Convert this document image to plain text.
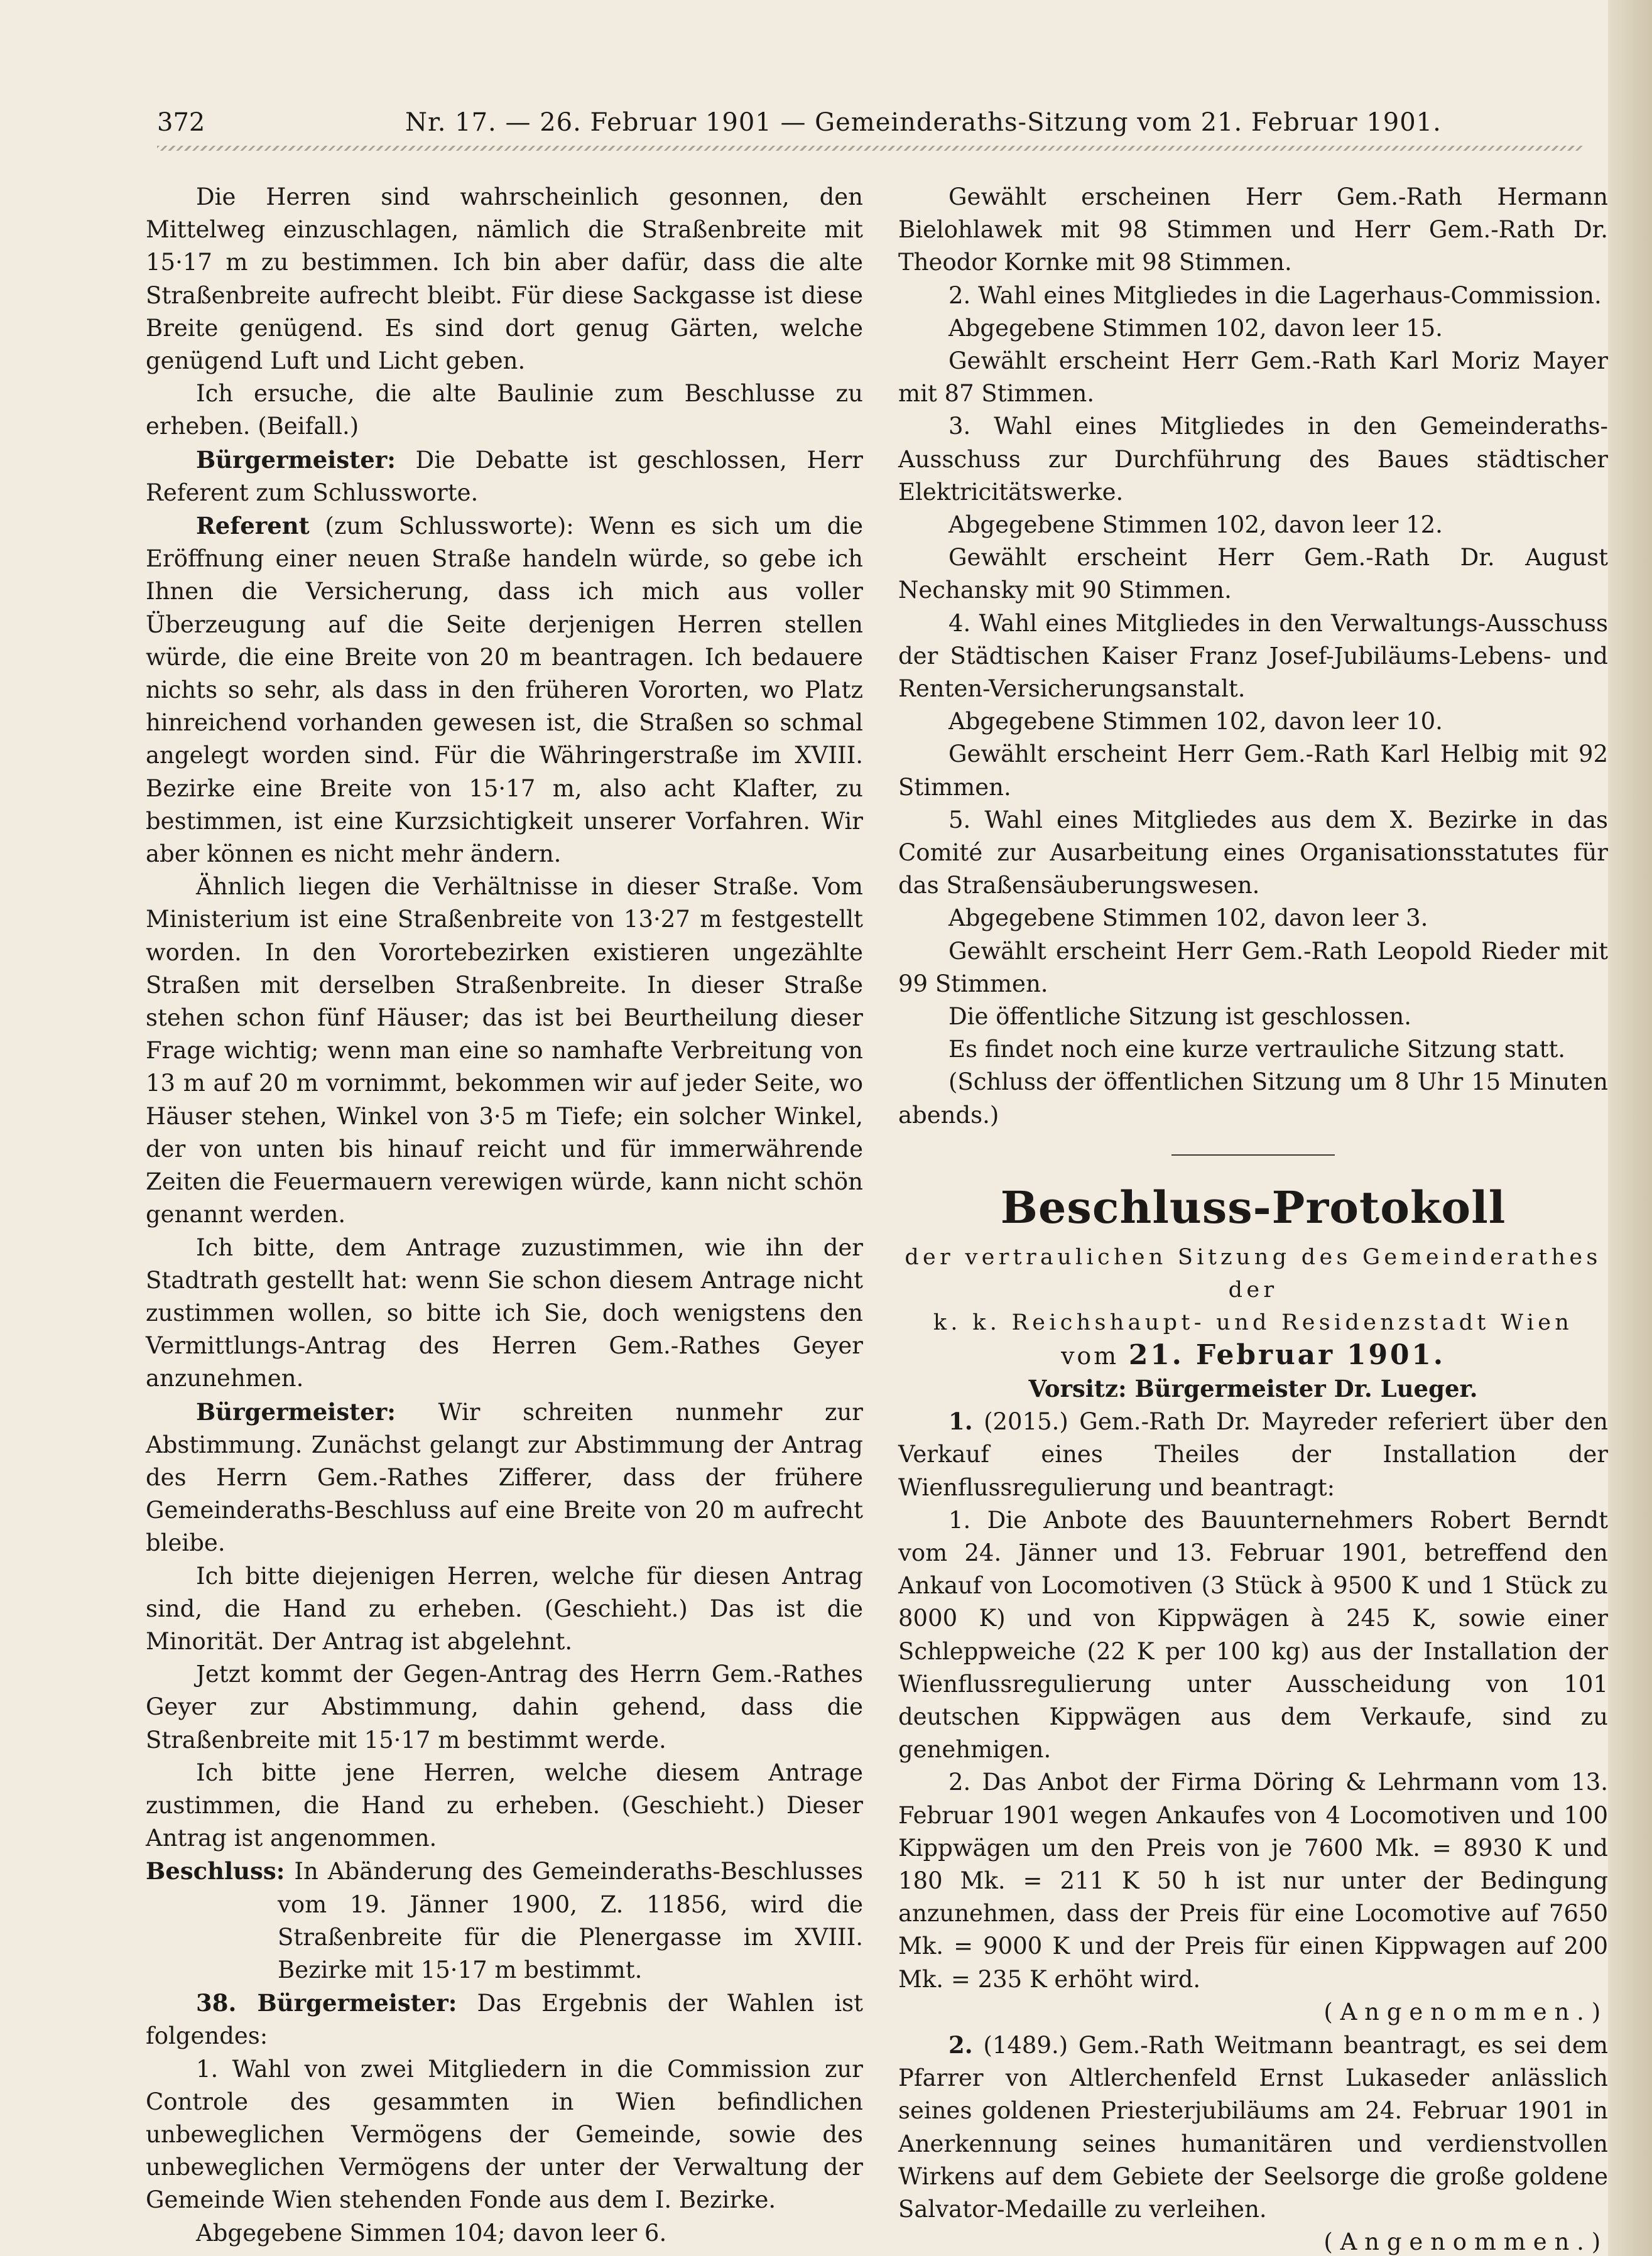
372	Nr. 17. — 26. Februar 1901 — Gemeinderaths-Sitzung vom 21. Februar 1901.

Die Herren sind wahrscheinlich gesonnen, den Mittelweg einzuschlagen, nämlich die Straßenbreite mit 15·17 m zu bestimmen. Ich bin aber dafür, dass die alte Straßenbreite aufrecht bleibt. Für diese Sackgasse ist diese Breite genügend. Es sind dort genug Gärten, welche genügend Luft und Licht geben.

Ich ersuche, die alte Baulinie zum Beschlusse zu erheben. (Beifall.)

Bürgermeister: Die Debatte ist geschlossen, Herr Referent zum Schlussworte.

Referent (zum Schlussworte): Wenn es sich um die Eröffnung einer neuen Straße handeln würde, so gebe ich Ihnen die Versicherung, dass ich mich aus voller Überzeugung auf die Seite derjenigen Herren stellen würde, die eine Breite von 20 m beantragen. Ich bedauere nichts so sehr, als dass in den früheren Vororten, wo Platz hinreichend vorhanden gewesen ist, die Straßen so schmal angelegt worden sind. Für die Währingerstraße im XVIII. Bezirke eine Breite von 15·17 m, also acht Klafter, zu bestimmen, ist eine Kurzsichtigkeit unserer Vorfahren. Wir aber können es nicht mehr ändern.

Ähnlich liegen die Verhältnisse in dieser Straße. Vom Ministerium ist eine Straßenbreite von 13·27 m festgestellt worden. In den Vorortebezirken existieren ungezählte Straßen mit derselben Straßenbreite. In dieser Straße stehen schon fünf Häuser; das ist bei Beurtheilung dieser Frage wichtig; wenn man eine so namhafte Verbreitung von 13 m auf 20 m vornimmt, bekommen wir auf jeder Seite, wo Häuser stehen, Winkel von 3·5 m Tiefe; ein solcher Winkel, der von unten bis hinauf reicht und für immerwährende Zeiten die Feuermauern verewigen würde, kann nicht schön genannt werden.

Ich bitte, dem Antrage zuzustimmen, wie ihn der Stadtrath gestellt hat: wenn Sie schon diesem Antrage nicht zustimmen wollen, so bitte ich Sie, doch wenigstens den Vermittlungs-Antrag des Herren Gem.-Rathes Geyer anzunehmen.

Bürgermeister: Wir schreiten nunmehr zur Abstimmung. Zunächst gelangt zur Abstimmung der Antrag des Herrn Gem.-Rathes Zifferer, dass der frühere Gemeinderaths-Beschluss auf eine Breite von 20 m aufrecht bleibe.

Ich bitte diejenigen Herren, welche für diesen Antrag sind, die Hand zu erheben. (Geschieht.) Das ist die Minorität. Der Antrag ist abgelehnt.

Jetzt kommt der Gegen-Antrag des Herrn Gem.-Rathes Geyer zur Abstimmung, dahin gehend, dass die Straßenbreite mit 15·17 m bestimmt werde.

Ich bitte jene Herren, welche diesem Antrage zustimmen, die Hand zu erheben. (Geschieht.) Dieser Antrag ist angenommen.

Beschluss: In Abänderung des Gemeinderaths-Beschlusses vom 19. Jänner 1900, Z. 11856, wird die Straßenbreite für die Plenergasse im XVIII. Bezirke mit 15·17 m bestimmt.

38. Bürgermeister: Das Ergebnis der Wahlen ist folgendes:

1. Wahl von zwei Mitgliedern in die Commission zur Controle des gesammten in Wien befindlichen unbeweglichen Vermögens der Gemeinde, sowie des unbeweglichen Vermögens der unter der Verwaltung der Gemeinde Wien stehenden Fonde aus dem I. Bezirke.

Abgegebene Simmen 104; davon leer 6.

Gewählt erscheinen Herr Gem.-Rath Hermann Bielohlawek mit 98 Stimmen und Herr Gem.-Rath Dr. Theodor Kornke mit 98 Stimmen.

2. Wahl eines Mitgliedes in die Lagerhaus-Commission.

Abgegebene Stimmen 102, davon leer 15.

Gewählt erscheint Herr Gem.-Rath Karl Moriz Mayer mit 87 Stimmen.

3. Wahl eines Mitgliedes in den Gemeinderaths-Ausschuss zur Durchführung des Baues städtischer Elektricitätswerke.

Abgegebene Stimmen 102, davon leer 12.

Gewählt erscheint Herr Gem.-Rath Dr. August Nechansky mit 90 Stimmen.

4. Wahl eines Mitgliedes in den Verwaltungs-Ausschuss der Städtischen Kaiser Franz Josef-Jubiläums-Lebens- und Renten-Versicherungsanstalt.

Abgegebene Stimmen 102, davon leer 10.

Gewählt erscheint Herr Gem.-Rath Karl Helbig mit 92 Stimmen.

5. Wahl eines Mitgliedes aus dem X. Bezirke in das Comité zur Ausarbeitung eines Organisationsstatutes für das Straßensäuberungswesen.

Abgegebene Stimmen 102, davon leer 3.

Gewählt erscheint Herr Gem.-Rath Leopold Rieder mit 99 Stimmen.

Die öffentliche Sitzung ist geschlossen.

Es findet noch eine kurze vertrauliche Sitzung statt.

(Schluss der öffentlichen Sitzung um 8 Uhr 15 Minuten abends.)

Beschluss-Protokoll

der vertraulichen Sitzung des Gemeinderathes der

k. k. Reichshaupt- und Residenzstadt Wien

vom 21. Februar 1901.

Vorsitz: Bürgermeister Dr. Lueger.

1. (2015.) Gem.-Rath Dr. Mayreder referiert über den Verkauf eines Theiles der Installation der Wienflussregulierung und beantragt:

1. Die Anbote des Bauunternehmers Robert Berndt vom 24. Jänner und 13. Februar 1901, betreffend den Ankauf von Locomotiven (3 Stück à 9500 K und 1 Stück zu 8000 K) und von Kippwägen à 245 K, sowie einer Schleppweiche (22 K per 100 kg) aus der Installation der Wienflussregulierung unter Ausscheidung von 101 deutschen Kippwägen aus dem Verkaufe, sind zu genehmigen.

2. Das Anbot der Firma Döring & Lehrmann vom 13. Februar 1901 wegen Ankaufes von 4 Locomotiven und 100 Kippwägen um den Preis von je 7600 Mk. = 8930 K und 180 Mk. = 211 K 50 h ist nur unter der Bedingung anzunehmen, dass der Preis für eine Locomotive auf 7650 Mk. = 9000 K und der Preis für einen Kippwagen auf 200 Mk. = 235 K erhöht wird.

(Angenommen.)

2. (1489.) Gem.-Rath Weitmann beantragt, es sei dem Pfarrer von Altlerchenfeld Ernst Lukaseder anlässlich seines goldenen Priesterjubiläums am 24. Februar 1901 in Anerkennung seines humanitären und verdienstvollen Wirkens auf dem Gebiete der Seelsorge die große goldene Salvator-Medaille zu verleihen.

(Angenommen.)
